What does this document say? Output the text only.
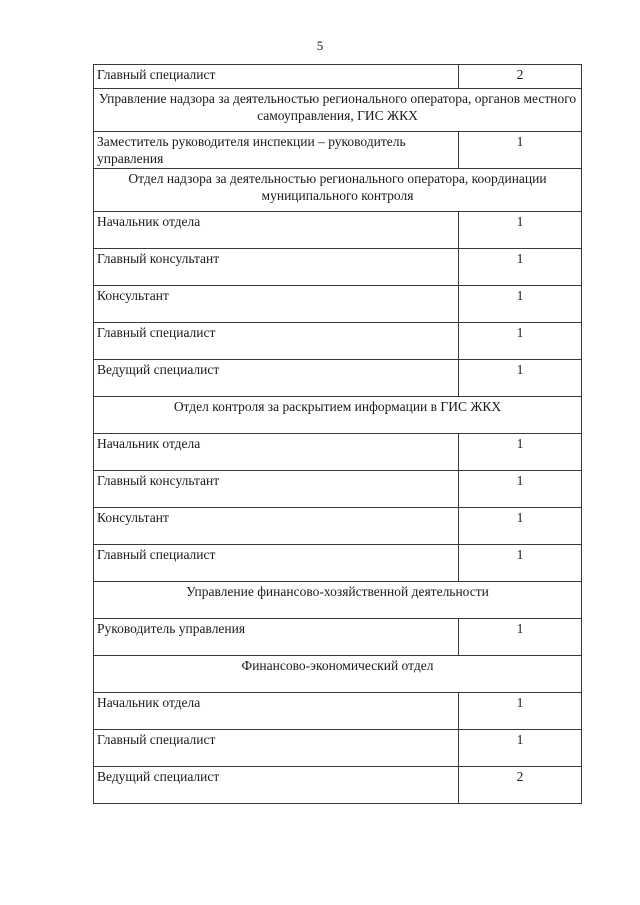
5
Главный специалист	2
Управление надзора за деятельностью регионального оператора, органов местного самоуправления, ГИС ЖКХ	
Заместитель руководителя инспекции – руководитель управления	1
Отдел надзора за деятельностью регионального оператора, координации муниципального контроля	
Начальник отдела	1
Главный консультант	1
Консультант	1
Главный специалист	1
Ведущий специалист	1
Отдел контроля за раскрытием информации в ГИС ЖКХ	
Начальник отдела	1
Главный консультант	1
Консультант	1
Главный специалист	1
Управление финансово-хозяйственной деятельности	
Руководитель управления	1
Финансово-экономический отдел	
Начальник отдела	1
Главный специалист	1
Ведущий специалист	2
